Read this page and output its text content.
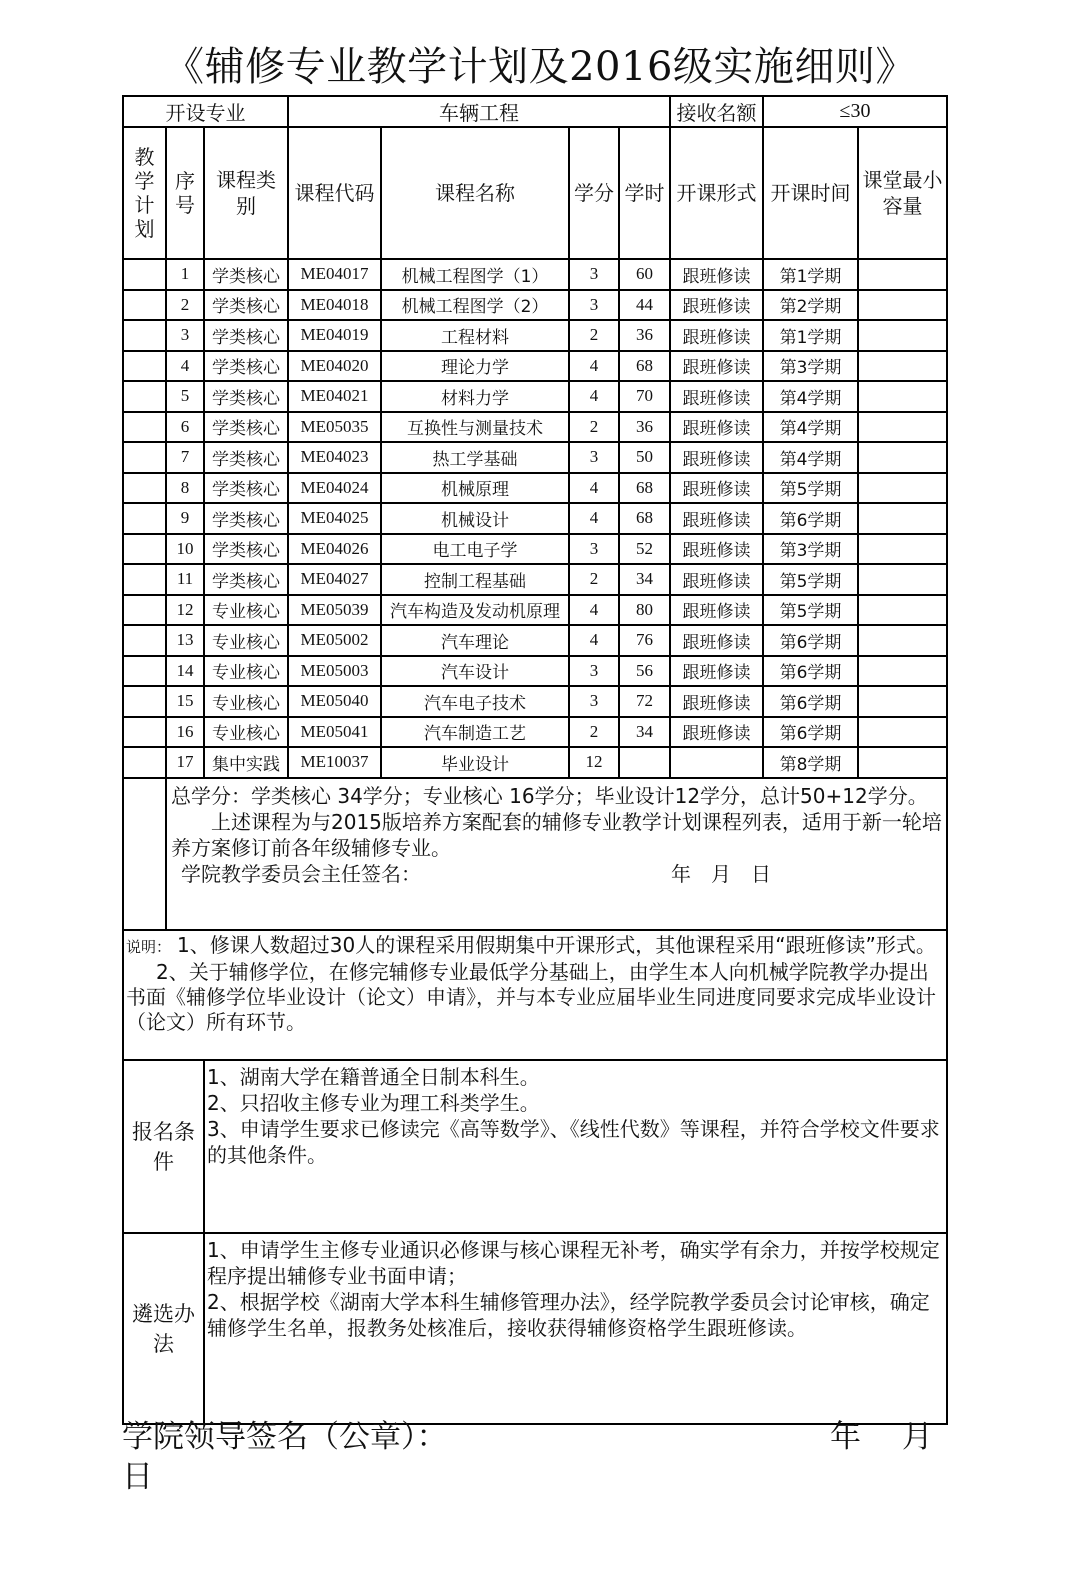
《辅修专业教学计划及2016级实施细则》
开设专业			车辆工程				接收名额	≤30	

教学计划	序号	课程类别	课程代码	课程名称	学分	学时	开课形式	开课时间	课堂最小容量

	1	学类核心	ME04017	机械工程图学（1）	3	60	跟班修读	第1学期	
	2	学类核心	ME04018	机械工程图学（2）	3	44	跟班修读	第2学期	
	3	学类核心	ME04019	工程材料	2	36	跟班修读	第1学期	
	4	学类核心	ME04020	理论力学	4	68	跟班修读	第3学期	
	5	学类核心	ME04021	材料力学	4	70	跟班修读	第4学期	
	6	学类核心	ME05035	互换性与测量技术	2	36	跟班修读	第4学期	
	7	学类核心	ME04023	热工学基础	3	50	跟班修读	第4学期	
	8	学类核心	ME04024	机械原理	4	68	跟班修读	第5学期	
	9	学类核心	ME04025	机械设计	4	68	跟班修读	第6学期	
	10	学类核心	ME04026	电工电子学	3	52	跟班修读	第3学期	
	11	学类核心	ME04027	控制工程基础	2	34	跟班修读	第5学期	
	12	专业核心	ME05039	汽车构造及发动机原理	4	80	跟班修读	第5学期	
	13	专业核心	ME05002	汽车理论	4	76	跟班修读	第6学期	
	14	专业核心	ME05003	汽车设计	3	56	跟班修读	第6学期	
	15	专业核心	ME05040	汽车电子技术	3	72	跟班修读	第6学期	
	16	专业核心	ME05041	汽车制造工艺	2	34	跟班修读	第6学期	
	17	集中实践	ME10037	毕业设计	12			第8学期	

	总学分：学类核心 34学分；专业核心 16学分；毕业设计12学分，总计50+12学分。

上述课程为与2015版培养方案配套的辅修专业教学计划课程列表，适用于新一轮培养方案修订前各年级辅修专业。

学院教学委员会主任签名： 年　月　日								

说明： 1、修课人数超过30人的课程采用假期集中开课形式，其他课程采用“跟班修读”形式。

2、关于辅修学位，在修完辅修专业最低学分基础上，由学生本人向机械学院教学办提出书面《辅修学位毕业设计（论文）申请》，并与本专业应届毕业生同进度同要求完成毕业设计（论文）所有环节。									

报名条件		1、湖南大学在籍普通全日制本科生。

2、只招收主修专业为理工科类学生。

3、申请学生要求已修读完《高等数学》、《线性代数》等课程，并符合学校文件要求的其他条件。							

遴选办法		1、申请学生主修专业通识必修课与核心课程无补考，确实学有余力，并按学校规定程序提出辅修专业书面申请；

2、根据学校《湖南大学本科生辅修管理办法》，经学院教学委员会讨论审核，确定辅修学生名单，报教务处核准后，接收获得辅修资格学生跟班修读。							

学院领导签名（公章）：	年　 月
日
